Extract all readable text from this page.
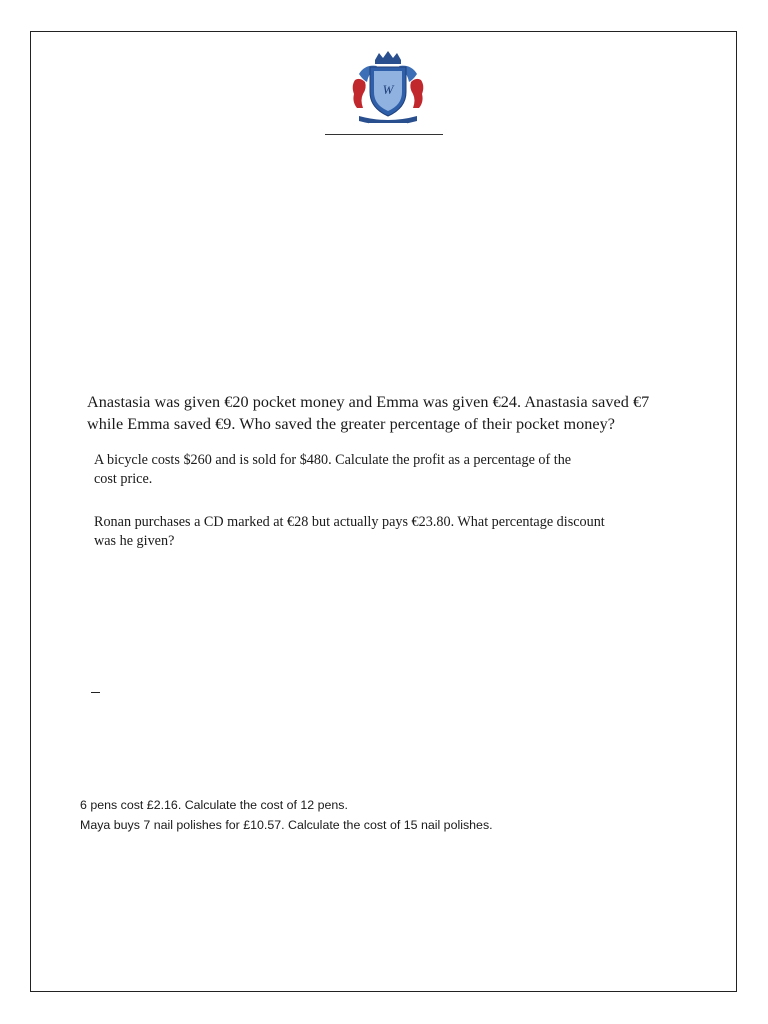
W

Anastasia was given €20 pocket money and Emma was given €24. Anastasia saved €7
while Emma saved €9. Who saved the greater percentage of their pocket money?

A bicycle costs $260 and is sold for $480. Calculate the profit as a percentage of the
cost price.

Ronan purchases a CD marked at €28 but actually pays €23.80. What percentage discount
was he given?

6 pens cost £2.16. Calculate the cost of 12 pens.

Maya buys 7 nail polishes for £10.57. Calculate the cost of 15 nail polishes.
